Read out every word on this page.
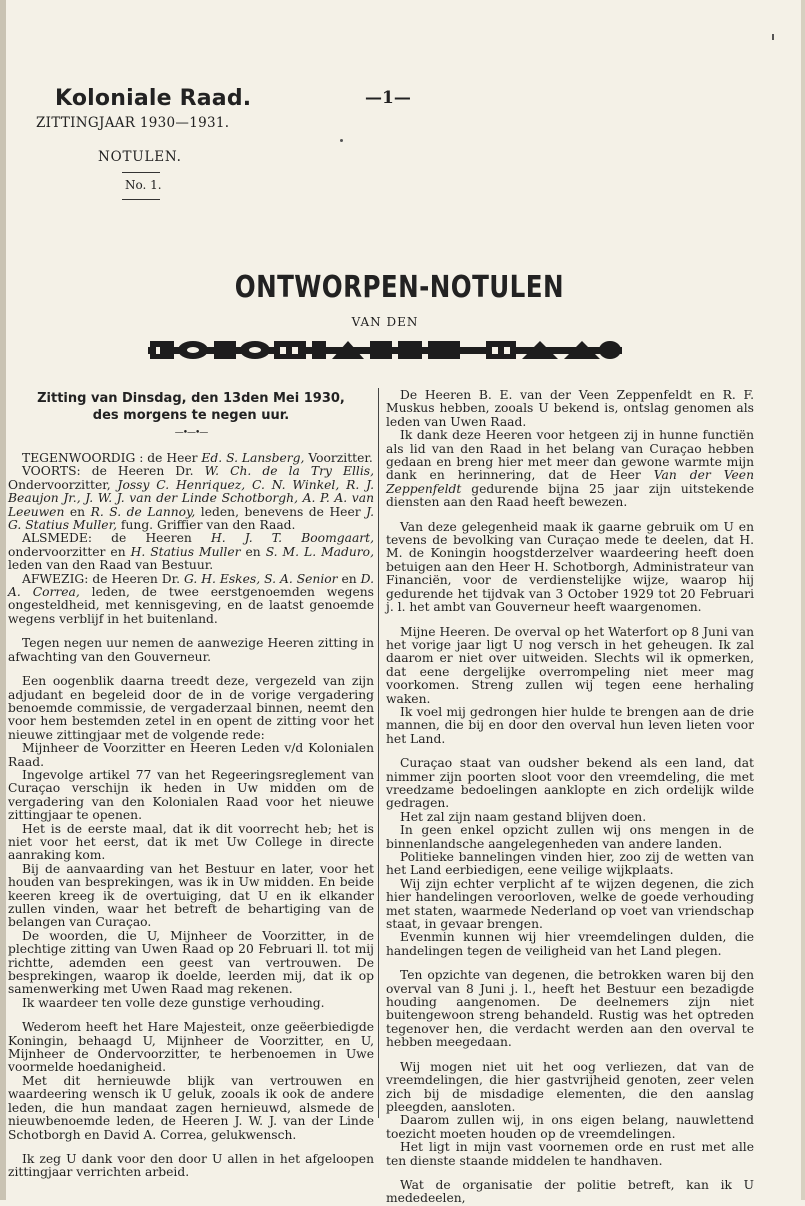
Koloniale Raad.
ZITTINGJAAR 1930—1931.
—1—
NOTULEN.
No. 1.
ONTWORPEN-NOTULEN
VAN DEN
Zitting van Dinsdag, den 13den Mei 1930,
des morgens te negen uur.
—•—•—

TEGENWOORDIG : de Heer Ed. S. Lansberg, Voorzitter.

VOORTS: de Heeren Dr. W. Ch. de la Try Ellis, Ondervoorzitter, Jossy C. Henriquez, C. N. Winkel, R. J. Beaujon Jr., J. W. J. van der Linde Schotborgh, A. P. A. van Leeuwen en R. S. de Lannoy, leden, benevens de Heer J. G. Statius Muller, fung. Griffier van den Raad.

ALSMEDE: de Heeren H. J. T. Boomgaart, ondervoorzitter en H. Statius Muller en S. M. L. Maduro, leden van den Raad van Bestuur.

AFWEZIG: de Heeren Dr. G. H. Eskes, S. A. Senior en D. A. Correa, leden, de twee eerstgenoemden wegens ongesteldheid, met kennisgeving, en de laatst genoemde wegens verblijf in het buitenland.

Tegen negen uur nemen de aanwezige Heeren zitting in afwachting van den Gouverneur.

Een oogenblik daarna treedt deze, vergezeld van zijn adjudant en begeleid door de in de vorige vergadering benoemde commissie, de vergaderzaal binnen, neemt den voor hem bestemden zetel in en opent de zitting voor het nieuwe zittingjaar met de volgende rede:

Mijnheer de Voorzitter en Heeren Leden v/d Kolonialen Raad.

Ingevolge artikel 77 van het Regeeringsreglement van Curaçao verschijn ik heden in Uw midden om de vergadering van den Kolonialen Raad voor het nieuwe zittingjaar te openen.

Het is de eerste maal, dat ik dit voorrecht heb; het is niet voor het eerst, dat ik met Uw College in directe aanraking kom.

Bij de aanvaarding van het Bestuur en later, voor het houden van besprekingen, was ik in Uw midden. En beide keeren kreeg ik de overtuiging, dat U en ik elkander zullen vinden, waar het betreft de behartiging van de belangen van Curaçao.

De woorden, die U, Mijnheer de Voorzitter, in de plechtige zitting van Uwen Raad op 20 Februari ll. tot mij richtte, ademden een geest van vertrouwen. De besprekingen, waarop ik doelde, leerden mij, dat ik op samenwerking met Uwen Raad mag rekenen.

Ik waardeer ten volle deze gunstige verhouding.

Wederom heeft het Hare Majesteit, onze geëerbiedigde Koningin, behaagd U, Mijnheer de Voorzitter, en U, Mijnheer de Ondervoorzitter, te herbenoemen in Uwe voormelde hoedanigheid.

Met dit hernieuwde blijk van vertrouwen en waardeering wensch ik U geluk, zooals ik ook de andere leden, die hun mandaat zagen hernieuwd, alsmede de nieuwbenoemde leden, de Heeren J. W. J. van der Linde Schotborgh en David A. Correa, gelukwensch.

Ik zeg U dank voor den door U allen in het afgeloopen zittingjaar verrichten arbeid.

De Heeren B. E. van der Veen Zeppenfeldt en R. F. Muskus hebben, zooals U bekend is, ontslag genomen als leden van Uwen Raad.

Ik dank deze Heeren voor hetgeen zij in hunne functiën als lid van den Raad in het belang van Curaçao hebben gedaan en breng hier met meer dan gewone warmte mijn dank en herinnering, dat de Heer Van der Veen Zeppenfeldt gedurende bijna 25 jaar zijn uitstekende diensten aan den Raad heeft bewezen.

Van deze gelegenheid maak ik gaarne gebruik om U en tevens de bevolking van Curaçao mede te deelen, dat H. M. de Koningin hoogstderzelver waardeering heeft doen betuigen aan den Heer H. Schotborgh, Administrateur van Financiën, voor de verdienstelijke wijze, waarop hij gedurende het tijdvak van 3 October 1929 tot 20 Februari j. l. het ambt van Gouverneur heeft waargenomen.

Mijne Heeren. De overval op het Waterfort op 8 Juni van het vorige jaar ligt U nog versch in het geheugen. Ik zal daarom er niet over uitweiden. Slechts wil ik opmerken, dat eene dergelijke overrompeling niet meer mag voorkomen. Streng zullen wij tegen eene herhaling waken.

Ik voel mij gedrongen hier hulde te brengen aan de drie mannen, die bij en door den overval hun leven lieten voor het Land.

Curaçao staat van oudsher bekend als een land, dat nimmer zijn poorten sloot voor den vreemdeling, die met vreedzame bedoelingen aanklopte en zich ordelijk wilde gedragen.

Het zal zijn naam gestand blijven doen.

In geen enkel opzicht zullen wij ons mengen in de binnenlandsche aangelegenheden van andere landen.

Politieke bannelingen vinden hier, zoo zij de wetten van het Land eerbiedigen, eene veilige wijkplaats.

Wij zijn echter verplicht af te wijzen degenen, die zich hier handelingen veroorloven, welke de goede verhouding met staten, waarmede Nederland op voet van vriendschap staat, in gevaar brengen.

Evenmin kunnen wij hier vreemdelingen dulden, die handelingen tegen de veiligheid van het Land plegen.

Ten opzichte van degenen, die betrokken waren bij den overval van 8 Juni j. l., heeft het Bestuur een bezadigde houding aangenomen. De deelnemers zijn niet buitengewoon streng behandeld. Rustig was het optreden tegenover hen, die verdacht werden aan den overval te hebben meegedaan.

Wij mogen niet uit het oog verliezen, dat van de vreemdelingen, die hier gastvrijheid genoten, zeer velen zich bij de misdadige elementen, die den aanslag pleegden, aansloten.

Daarom zullen wij, in ons eigen belang, nauwlettend toezicht moeten houden op de vreemdelingen.

Het ligt in mijn vast voornemen orde en rust met alle ten dienste staande middelen te handhaven.

Wat de organisatie der politie betreft, kan ik U mededeelen,
